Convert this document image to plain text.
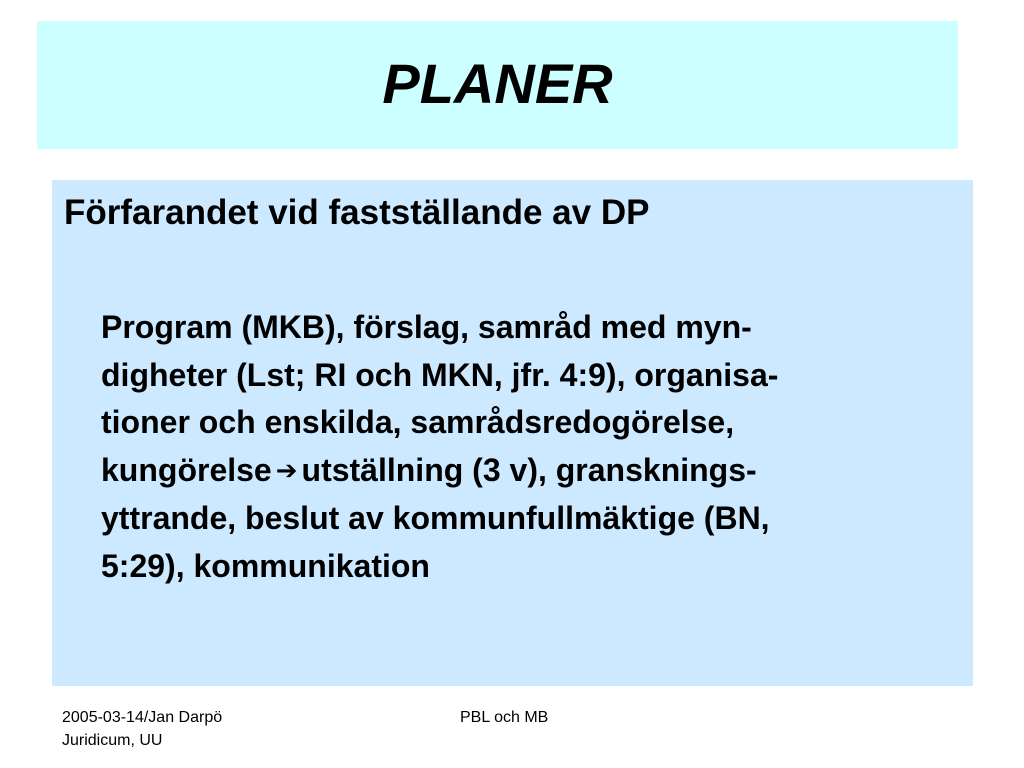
PLANER
Förfarandet vid fastställande av DP
Program (MKB), förslag, samråd med myn-
digheter (Lst; RI och MKN, jfr. 4:9), organisa-
tioner och enskilda, samrådsredogörelse,
kungörelse ➔ utställning (3 v), gransknings-
yttrande, beslut av kommunfullmäktige (BN,
5:29), kommunikation
2005-03-14/Jan Darpö
Juridicum, UU
PBL och MB
